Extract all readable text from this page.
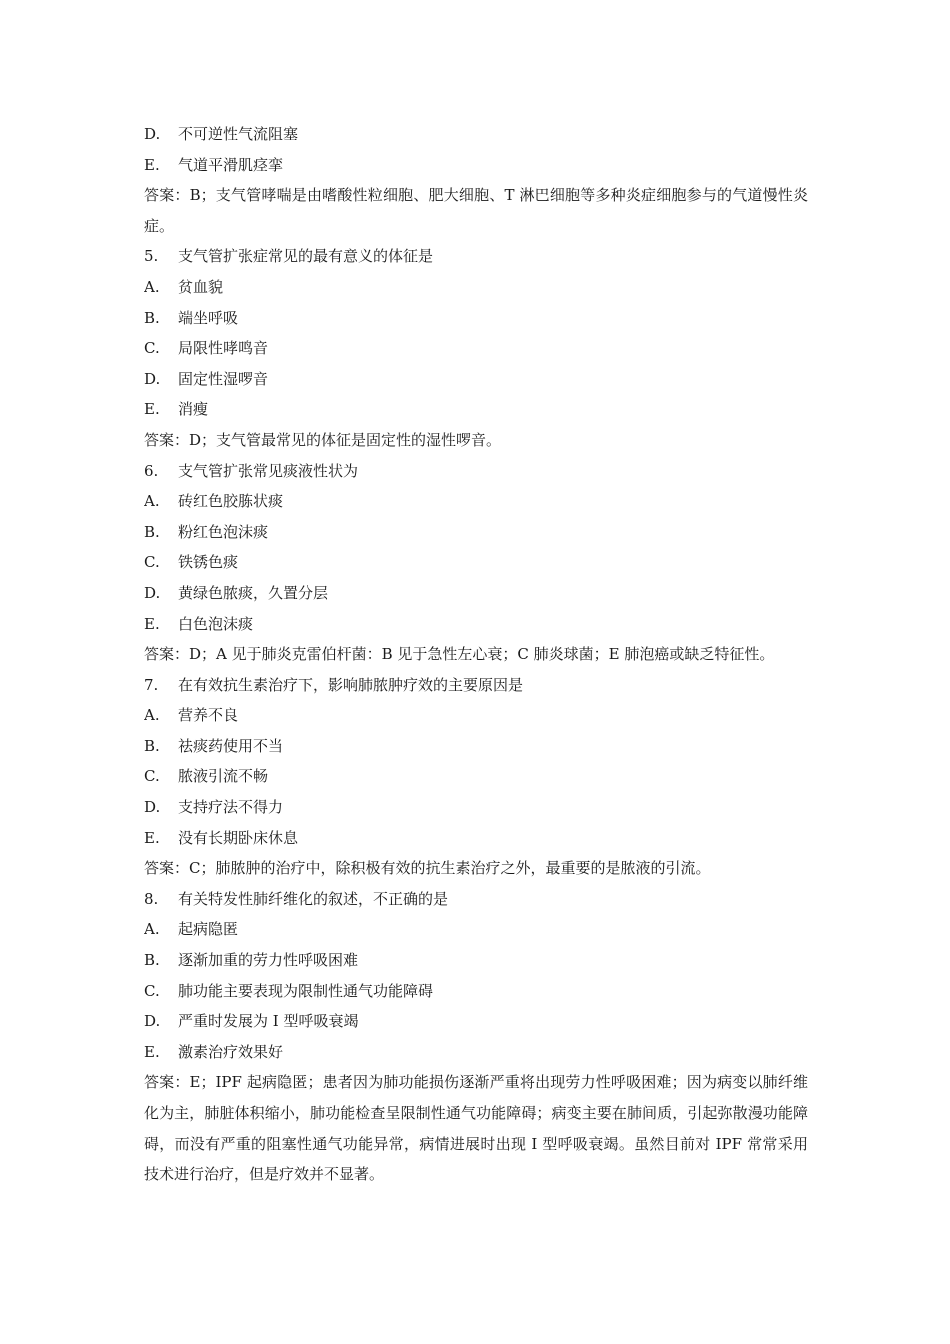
D. 不可逆性气流阻塞
E. 气道平滑肌痉挛
答案：B；支气管哮喘是由嗜酸性粒细胞、肥大细胞、T 淋巴细胞等多种炎症细胞参与的气道慢性炎症。
5. 支气管扩张症常见的最有意义的体征是
A. 贫血貌
B. 端坐呼吸
C. 局限性哮鸣音
D. 固定性湿啰音
E. 消瘦
答案：D；支气管最常见的体征是固定性的湿性啰音。
6. 支气管扩张常见痰液性状为
A. 砖红色胶胨状痰
B. 粉红色泡沫痰
C. 铁锈色痰
D. 黄绿色脓痰，久置分层
E. 白色泡沫痰
答案：D；A 见于肺炎克雷伯杆菌：B 见于急性左心衰；C 肺炎球菌；E 肺泡癌或缺乏特征性。
7. 在有效抗生素治疗下，影响肺脓肿疗效的主要原因是
A. 营养不良
B. 祛痰药使用不当
C. 脓液引流不畅
D. 支持疗法不得力
E. 没有长期卧床休息
答案：C；肺脓肿的治疗中，除积极有效的抗生素治疗之外，最重要的是脓液的引流。
8. 有关特发性肺纤维化的叙述，不正确的是
A. 起病隐匿
B. 逐渐加重的劳力性呼吸困难
C. 肺功能主要表现为限制性通气功能障碍
D. 严重时发展为 I 型呼吸衰竭
E. 激素治疗效果好
答案：E；IPF 起病隐匿；患者因为肺功能损伤逐渐严重将出现劳力性呼吸困难；因为病变以肺纤维化为主，肺脏体积缩小，肺功能检查呈限制性通气功能障碍；病变主要在肺间质，引起弥散漫功能障碍，而没有严重的阻塞性通气功能异常，病情进展时出现 I 型呼吸衰竭。虽然目前对 IPF 常常采用技术进行治疗，但是疗效并不显著。
